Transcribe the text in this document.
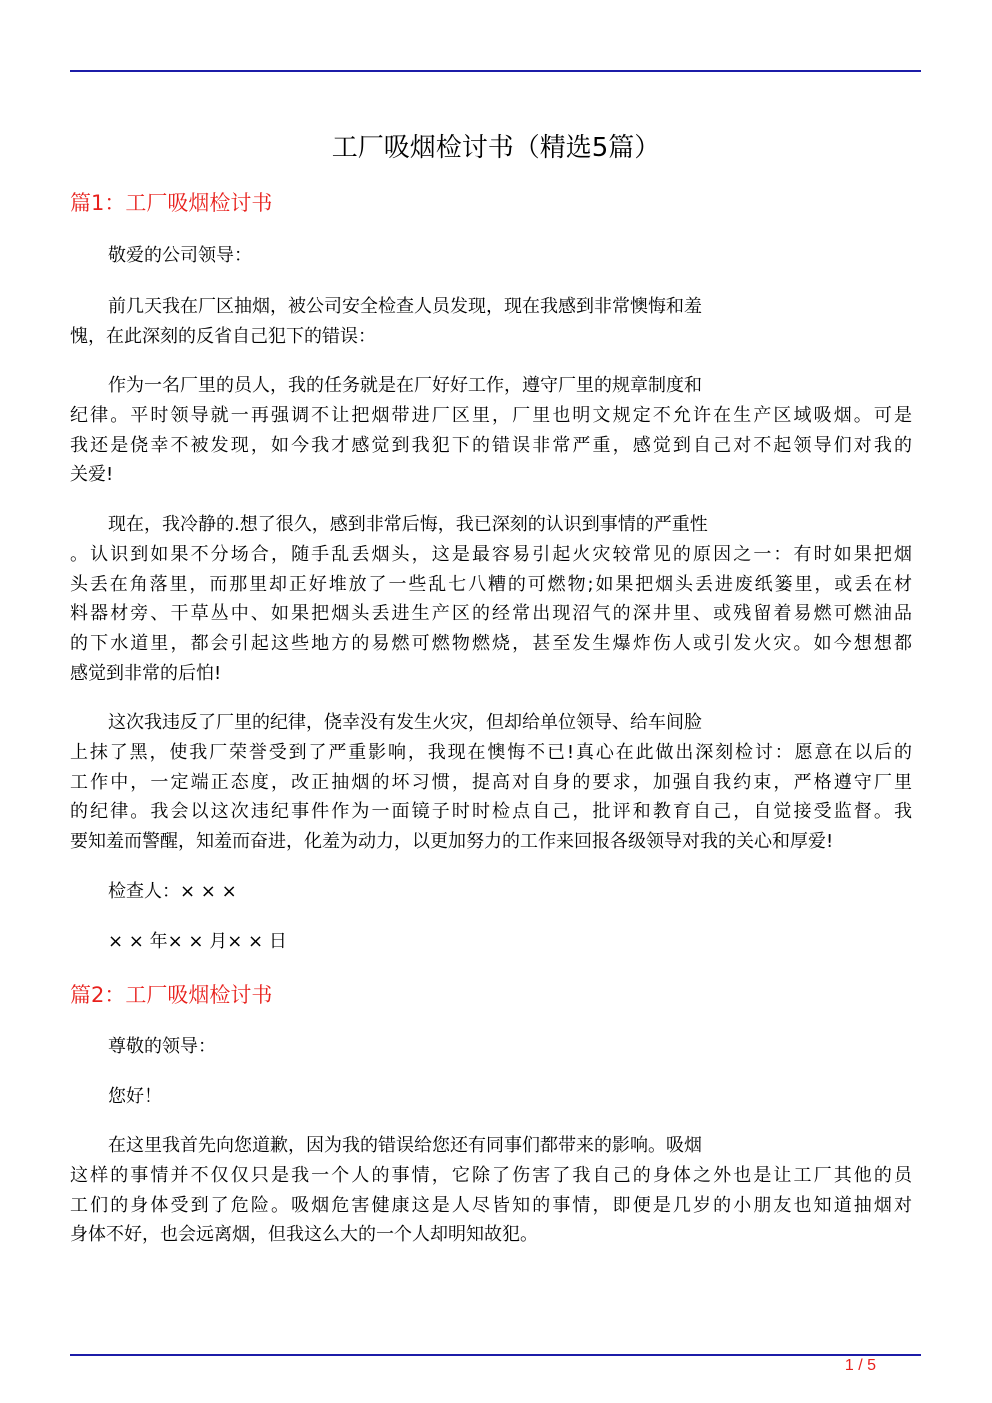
工厂吸烟检讨书（精选5篇）
篇1：工厂吸烟检讨书
敬爱的公司领导：
前几天我在厂区抽烟，被公司安全检查人员发现，现在我感到非常懊悔和羞
愧，在此深刻的反省自己犯下的错误：
作为一名厂里的员人，我的任务就是在厂好好工作，遵守厂里的规章制度和
纪律。平时领导就一再强调不让把烟带进厂区里，厂里也明文规定不允许在生产区域吸烟。可是
我还是侥幸不被发现，如今我才感觉到我犯下的错误非常严重，感觉到自己对不起领导们对我的
关爱!
现在，我冷静的.想了很久，感到非常后悔，我已深刻的认识到事情的严重性
。认识到如果不分场合，随手乱丢烟头，这是最容易引起火灾较常见的原因之一：有时如果把烟
头丢在角落里，而那里却正好堆放了一些乱七八糟的可燃物;如果把烟头丢进废纸篓里，或丢在材
料器材旁、干草丛中、如果把烟头丢进生产区的经常出现沼气的深井里、或残留着易燃可燃油品
的下水道里，都会引起这些地方的易燃可燃物燃烧，甚至发生爆炸伤人或引发火灾。如今想想都
感觉到非常的后怕!
这次我违反了厂里的纪律，侥幸没有发生火灾，但却给单位领导、给车间脸
上抹了黑，使我厂荣誉受到了严重影响，我现在懊悔不已!真心在此做出深刻检讨：愿意在以后的
工作中，一定端正态度，改正抽烟的坏习惯，提高对自身的要求，加强自我约束，严格遵守厂里
的纪律。我会以这次违纪事件作为一面镜子时时检点自己，批评和教育自己，自觉接受监督。我
要知羞而警醒，知羞而奋进，化羞为动力，以更加努力的工作来回报各级领导对我的关心和厚爱!
检查人：× × ×
× × 年× × 月× × 日
篇2：工厂吸烟检讨书
尊敬的领导：
您好！
在这里我首先向您道歉，因为我的错误给您还有同事们都带来的影响。吸烟
这样的事情并不仅仅只是我一个人的事情，它除了伤害了我自己的身体之外也是让工厂其他的员
工们的身体受到了危险。吸烟危害健康这是人尽皆知的事情，即便是几岁的小朋友也知道抽烟对
身体不好，也会远离烟，但我这么大的一个人却明知故犯。
1 / 5
